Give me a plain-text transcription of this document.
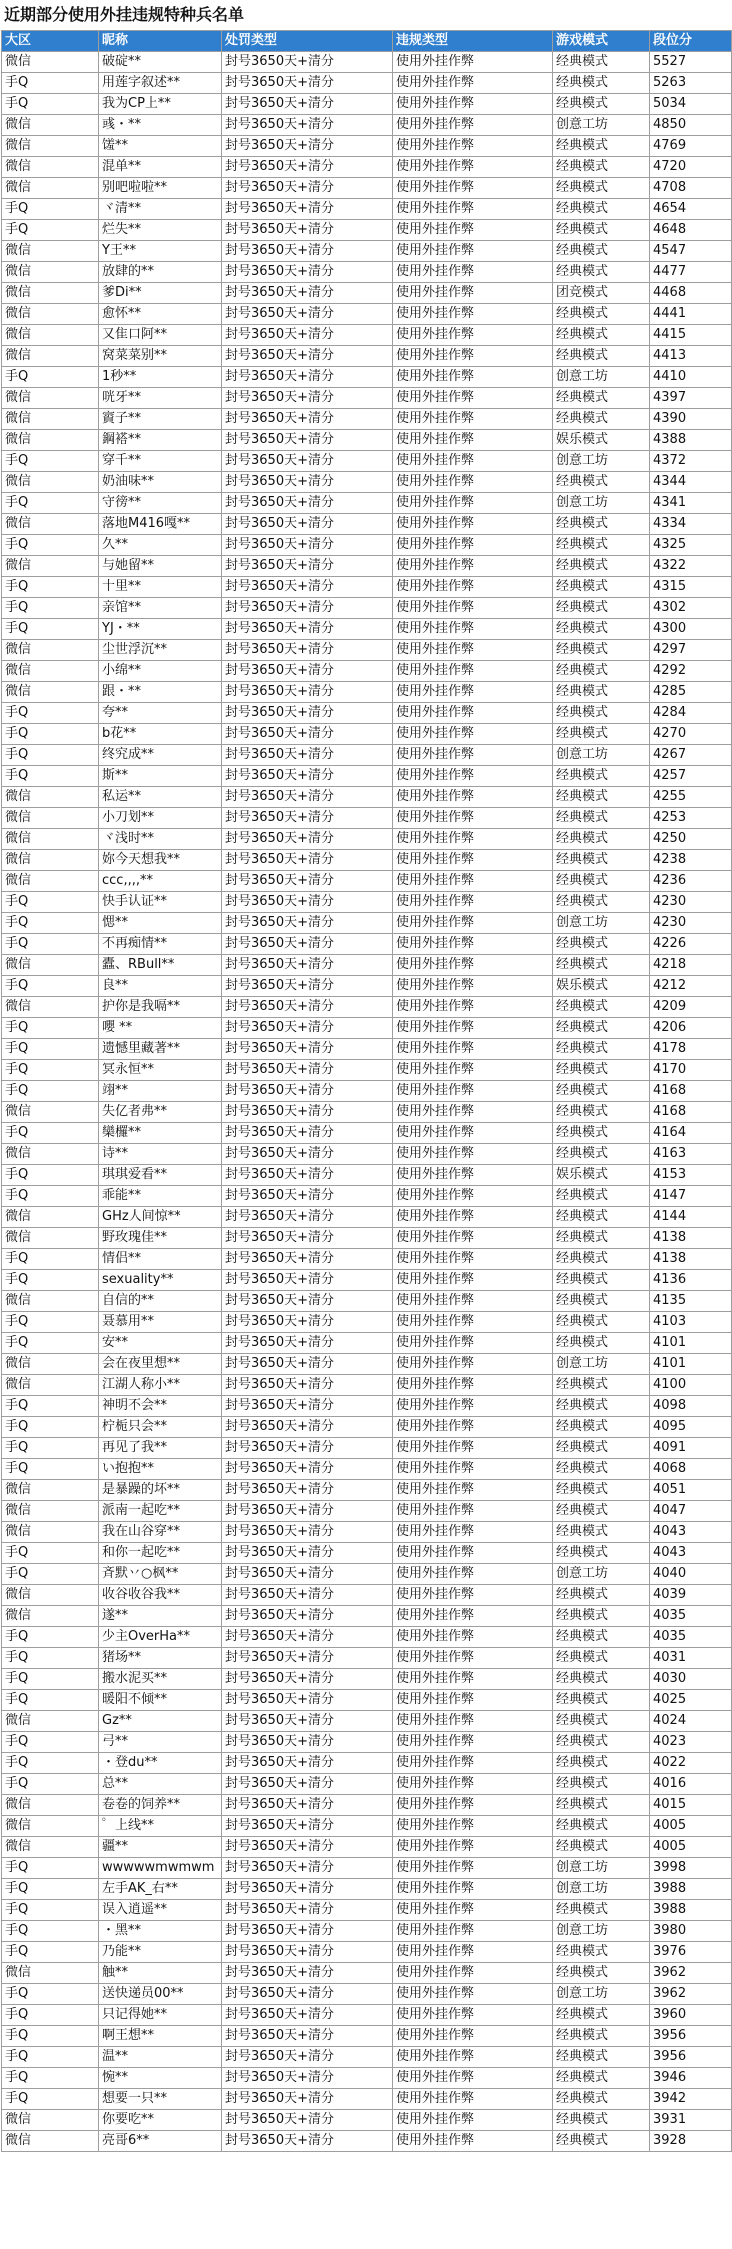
近期部分使用外挂违规特种兵名单
大区	昵称	处罚类型	违规类型	游戏模式	段位分
微信	破碇**	封号3650天+清分	使用外挂作弊	经典模式	5527
手Q	用莲字叙述**	封号3650天+清分	使用外挂作弊	经典模式	5263
手Q	我为CP上**	封号3650天+清分	使用外挂作弊	经典模式	5034
微信	彧・**	封号3650天+清分	使用外挂作弊	创意工坊	4850
微信	馐**	封号3650天+清分	使用外挂作弊	经典模式	4769
微信	混单**	封号3650天+清分	使用外挂作弊	经典模式	4720
微信	别吧啦啦**	封号3650天+清分	使用外挂作弊	经典模式	4708
手Q	ヾ清**	封号3650天+清分	使用外挂作弊	经典模式	4654
手Q	烂失**	封号3650天+清分	使用外挂作弊	经典模式	4648
微信	Y王**	封号3650天+清分	使用外挂作弊	经典模式	4547
微信	放肆的**	封号3650天+清分	使用外挂作弊	经典模式	4477
微信	爹Di**	封号3650天+清分	使用外挂作弊	团竞模式	4468
微信	愈怀**	封号3650天+清分	使用外挂作弊	经典模式	4441
微信	又隹口阿**	封号3650天+清分	使用外挂作弊	经典模式	4415
微信	窝菜菜别**	封号3650天+清分	使用外挂作弊	经典模式	4413
手Q	1秒**	封号3650天+清分	使用外挂作弊	创意工坊	4410
微信	咣牙**	封号3650天+清分	使用外挂作弊	经典模式	4397
微信	賨子**	封号3650天+清分	使用外挂作弊	经典模式	4390
微信	鋼褡**	封号3650天+清分	使用外挂作弊	娱乐模式	4388
手Q	穿千**	封号3650天+清分	使用外挂作弊	创意工坊	4372
微信	奶油味**	封号3650天+清分	使用外挂作弊	经典模式	4344
手Q	守徬**	封号3650天+清分	使用外挂作弊	创意工坊	4341
微信	落地M416嘎**	封号3650天+清分	使用外挂作弊	经典模式	4334
手Q	久**	封号3650天+清分	使用外挂作弊	经典模式	4325
微信	与她留**	封号3650天+清分	使用外挂作弊	经典模式	4322
手Q	十里**	封号3650天+清分	使用外挂作弊	经典模式	4315
手Q	亲馆**	封号3650天+清分	使用外挂作弊	经典模式	4302
手Q	YJ・**	封号3650天+清分	使用外挂作弊	经典模式	4300
微信	尘世浮沉**	封号3650天+清分	使用外挂作弊	经典模式	4297
微信	小绵**	封号3650天+清分	使用外挂作弊	经典模式	4292
微信	跟・**	封号3650天+清分	使用外挂作弊	经典模式	4285
手Q	夸**	封号3650天+清分	使用外挂作弊	经典模式	4284
手Q	b花**	封号3650天+清分	使用外挂作弊	经典模式	4270
手Q	终究成**	封号3650天+清分	使用外挂作弊	创意工坊	4267
手Q	斯**	封号3650天+清分	使用外挂作弊	经典模式	4257
微信	私运**	封号3650天+清分	使用外挂作弊	经典模式	4255
微信	小刀划**	封号3650天+清分	使用外挂作弊	经典模式	4253
微信	ヾ浅时**	封号3650天+清分	使用外挂作弊	经典模式	4250
微信	妳今天想我**	封号3650天+清分	使用外挂作弊	经典模式	4238
微信	ccc,,,,**	封号3650天+清分	使用外挂作弊	经典模式	4236
手Q	快手认证**	封号3650天+清分	使用外挂作弊	经典模式	4230
手Q	愢**	封号3650天+清分	使用外挂作弊	创意工坊	4230
手Q	不再痴情**	封号3650天+清分	使用外挂作弊	经典模式	4226
微信	蠹、RBull**	封号3650天+清分	使用外挂作弊	经典模式	4218
手Q	良**	封号3650天+清分	使用外挂作弊	娱乐模式	4212
微信	护你是我嗝**	封号3650天+清分	使用外挂作弊	经典模式	4209
手Q	嚶 **	封号3650天+清分	使用外挂作弊	经典模式	4206
手Q	遗憾里藏著**	封号3650天+清分	使用外挂作弊	经典模式	4178
手Q	冥永恒**	封号3650天+清分	使用外挂作弊	经典模式	4170
手Q	翊**	封号3650天+清分	使用外挂作弊	经典模式	4168
微信	失亿者弗**	封号3650天+清分	使用外挂作弊	经典模式	4168
手Q	欒欏**	封号3650天+清分	使用外挂作弊	经典模式	4164
微信	诗**	封号3650天+清分	使用外挂作弊	经典模式	4163
手Q	琪琪爱看**	封号3650天+清分	使用外挂作弊	娱乐模式	4153
手Q	乖能**	封号3650天+清分	使用外挂作弊	经典模式	4147
微信	GHz人间惊**	封号3650天+清分	使用外挂作弊	经典模式	4144
微信	野玫瑰佳**	封号3650天+清分	使用外挂作弊	经典模式	4138
手Q	情侣**	封号3650天+清分	使用外挂作弊	经典模式	4138
手Q	sexuality**	封号3650天+清分	使用外挂作弊	经典模式	4136
微信	自信的**	封号3650天+清分	使用外挂作弊	经典模式	4135
手Q	聂慕用**	封号3650天+清分	使用外挂作弊	经典模式	4103
手Q	安**	封号3650天+清分	使用外挂作弊	经典模式	4101
微信	会在夜里想**	封号3650天+清分	使用外挂作弊	创意工坊	4101
微信	江湖人称小**	封号3650天+清分	使用外挂作弊	经典模式	4100
手Q	神明不会**	封号3650天+清分	使用外挂作弊	经典模式	4098
手Q	柠栀只会**	封号3650天+清分	使用外挂作弊	经典模式	4095
手Q	再见了我**	封号3650天+清分	使用外挂作弊	经典模式	4091
手Q	い抱抱**	封号3650天+清分	使用外挂作弊	经典模式	4068
微信	是暴躁的坏**	封号3650天+清分	使用外挂作弊	经典模式	4051
微信	派南一起吃**	封号3650天+清分	使用外挂作弊	经典模式	4047
微信	我在山谷穿**	封号3650天+清分	使用外挂作弊	经典模式	4043
手Q	和你一起吃**	封号3650天+清分	使用外挂作弊	经典模式	4043
手Q	斉默丷○枫**	封号3650天+清分	使用外挂作弊	创意工坊	4040
微信	收谷收谷我**	封号3650天+清分	使用外挂作弊	经典模式	4039
微信	遂**	封号3650天+清分	使用外挂作弊	经典模式	4035
手Q	少主OverHa**	封号3650天+清分	使用外挂作弊	经典模式	4035
手Q	猪场**	封号3650天+清分	使用外挂作弊	经典模式	4031
手Q	搬水泥买**	封号3650天+清分	使用外挂作弊	经典模式	4030
手Q	暖阳不倾**	封号3650天+清分	使用外挂作弊	经典模式	4025
微信	Gz**	封号3650天+清分	使用外挂作弊	经典模式	4024
手Q	弓**	封号3650天+清分	使用外挂作弊	经典模式	4023
手Q	・登du**	封号3650天+清分	使用外挂作弊	经典模式	4022
手Q	总**	封号3650天+清分	使用外挂作弊	经典模式	4016
微信	卷卷的饲养**	封号3650天+清分	使用外挂作弊	经典模式	4015
微信	゜上线**	封号3650天+清分	使用外挂作弊	经典模式	4005
微信	疆**	封号3650天+清分	使用外挂作弊	经典模式	4005
手Q	wwwwwmwmwm	封号3650天+清分	使用外挂作弊	创意工坊	3998
手Q	左手AK_右**	封号3650天+清分	使用外挂作弊	创意工坊	3988
手Q	误入逍遥**	封号3650天+清分	使用外挂作弊	经典模式	3988
手Q	・黑**	封号3650天+清分	使用外挂作弊	创意工坊	3980
手Q	乃能**	封号3650天+清分	使用外挂作弊	经典模式	3976
微信	触**	封号3650天+清分	使用外挂作弊	经典模式	3962
手Q	送快递员00**	封号3650天+清分	使用外挂作弊	创意工坊	3962
手Q	只记得她**	封号3650天+清分	使用外挂作弊	经典模式	3960
手Q	啊王想**	封号3650天+清分	使用外挂作弊	经典模式	3956
手Q	温**	封号3650天+清分	使用外挂作弊	经典模式	3956
手Q	惋**	封号3650天+清分	使用外挂作弊	经典模式	3946
手Q	想要一只**	封号3650天+清分	使用外挂作弊	经典模式	3942
微信	你要吃**	封号3650天+清分	使用外挂作弊	经典模式	3931
微信	亮哥6**	封号3650天+清分	使用外挂作弊	经典模式	3928
